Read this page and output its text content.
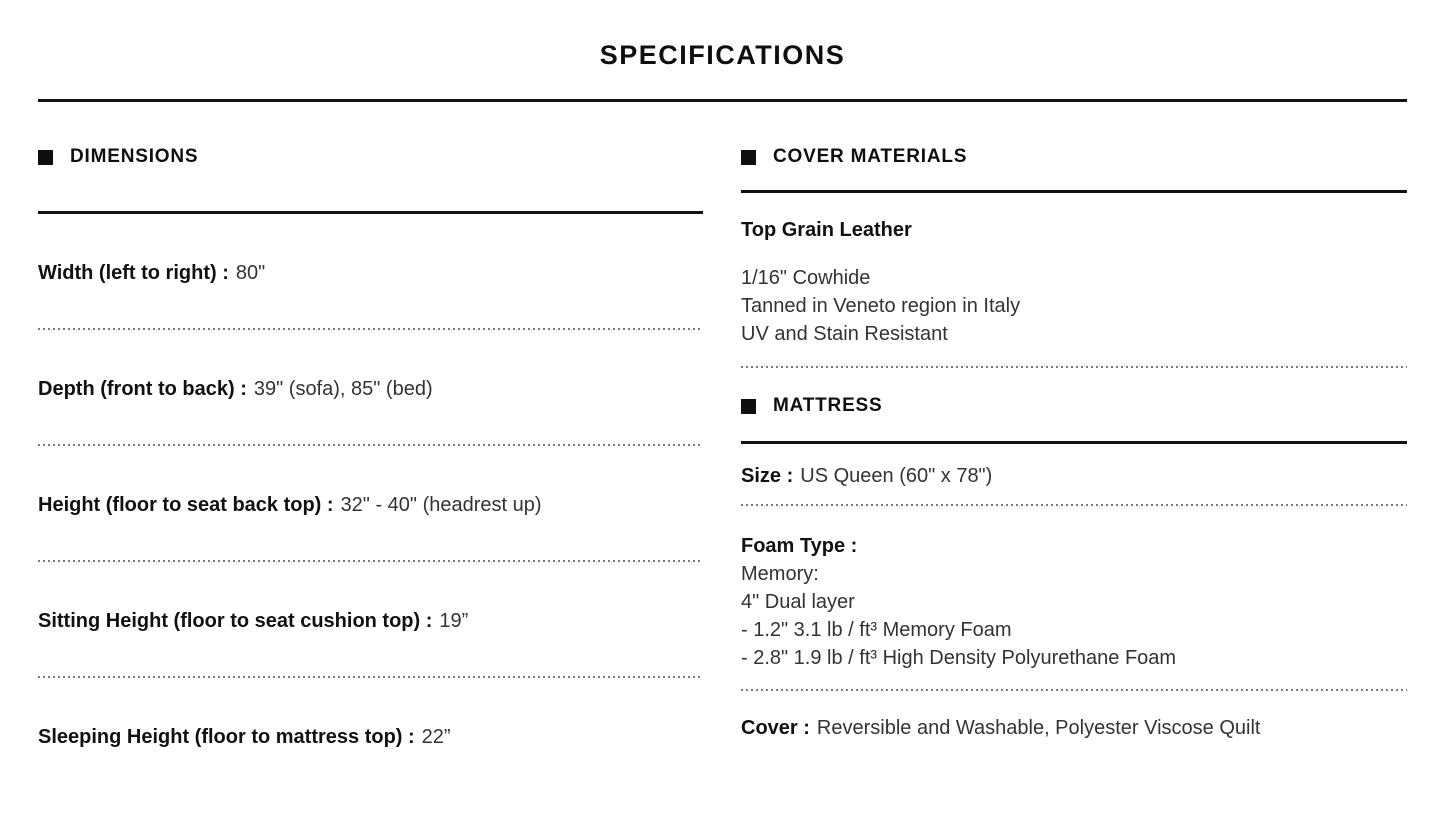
SPECIFICATIONS
DIMENSIONS
Width (left to right) : 80"
Depth (front to back) : 39" (sofa), 85" (bed)
Height (floor to seat back top) : 32" - 40" (headrest up)
Sitting Height (floor to seat cushion top) : 19”
Sleeping Height (floor to mattress top) : 22”
COVER MATERIALS
Top Grain Leather
1/16" Cowhide
Tanned in Veneto region in Italy
UV and Stain Resistant
MATTRESS
Size : US Queen (60" x 78")
Foam Type :
Memory:
4" Dual layer
- 1.2" 3.1 lb / ft³ Memory Foam
- 2.8" 1.9 lb / ft³ High Density Polyurethane Foam
Cover : Reversible and Washable, Polyester Viscose Quilt
